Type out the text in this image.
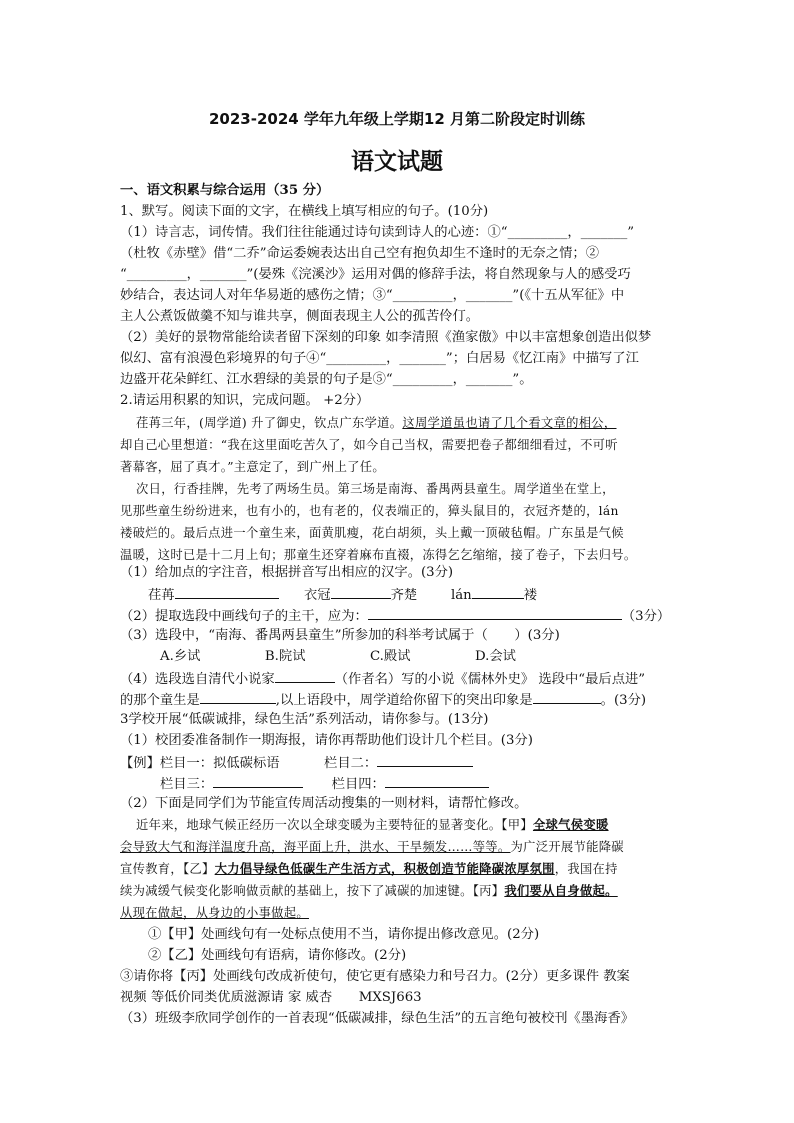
2023-2024 学年九年级上学期12 月第二阶段定时训练
语文试题
一、语文积累与综合运用（35 分）
1、默写。阅读下面的文字，在横线上填写相应的句子。(10分)
（1）诗言志，词传情。我们往往能通过诗句读到诗人的心迹：①“_________，_______”
（杜牧《赤壁》借“二乔”命运委婉表达出自己空有抱负却生不逢时的无奈之情；②
“_________，_______”(晏殊《浣溪沙》运用对偶的修辞手法，将自然现象与人的感受巧
妙结合，表达词人对年华易逝的感伤之情；③“_________，_______”(《十五从军征》中
主人公煮饭做羹不知与谁共享，侧面表现主人公的孤苦伶仃。
（2）美好的景物常能给读者留下深刻的印象 如李清照《渔家傲》中以丰富想象创造出似梦
似幻、富有浪漫色彩境界的句子④“_________，_______”；白居易《忆江南》中描写了江
边盛开花朵鲜红、江水碧绿的美景的句子是⑤“_________，_______”。
2.请运用积累的知识，完成问题。 +2分）
荏苒三年，(周学道) 升了御史，钦点广东学道。这周学道虽也请了几个看文章的相公，
却自己心里想道：“我在这里面吃苦久了，如今自己当权，需要把卷子都细细看过，不可听
著幕客，屈了真才。”主意定了，到广州上了任。
次日，行香挂牌，先考了两场生员。第三场是南海、番禺两县童生。周学道坐在堂上，
见那些童生纷纷进来，也有小的，也有老的，仪表端正的，獐头鼠目的，衣冠齐楚的，lán
褛破烂的。最后点进一个童生来，面黄肌瘦，花白胡须，头上戴一顶破毡帽。广东虽是气候
温暖，这时已是十二月上旬；那童生还穿着麻布直裰，冻得乞乞缩缩，接了卷子，下去归号。
（1）给加点的字注音，根据拼音写出相应的汉字。(3分)
荏苒	衣冠	齐楚	lán	褛
（2）提取选段中画线句子的主干，应为：	（3分）
（3）选段中，“南海、番禺两县童生”所参加的科举考试属于（　　）(3分)
A.乡试	B.院试	C.殿试	D.会试
（4）选段选自清代小说家	（作者名）写的小说《儒林外史》 选段中“最后点进”
的那个童生是	,以上语段中，周学道给你留下的突出印象是	。(3分)
3学校开展“低碳诚排，绿色生活”系列活动，请你参与。(13分)
（1）校团委准备制作一期海报，请你再帮助他们设计几个栏目。(3分)
【例】栏目一：拟低碳标语	栏目二：
栏目三：	栏目四：
（2）下面是同学们为节能宣传周活动搜集的一则材料，请帮忙修改。
近年来，地球气候正经历一次以全球变暖为主要特征的显著变化。【甲】全球气侯变暖
会导致大气和海洋温度升高，海平面上升，洪水、干旱频发……等等。为广泛开展节能降碳
宣传教育，【乙】大力倡导绿色低碳生产生活方式，积极创造节能降碳浓厚氛围，我国在持
续为减缓气候变化影响做贡献的基础上，按下了减碳的加速键。【丙】我们要从自身做起。
从现在做起，从身边的小事做起。
①【甲】处画线句有一处标点使用不当，请你提出修改意见。(2分)
②【乙】处画线句有语病，请你修改。(2分)
③请你将【丙】处画线句改成祈使句，使它更有感染力和号召力。(2分）更多课件 教案
视频 等低价同类优质滋源请 家 威杏　　MXSJ663
（3）班级李欣同学创作的一首表现“低碳减排，绿色生活”的五言绝句被校刊《墨海香》
